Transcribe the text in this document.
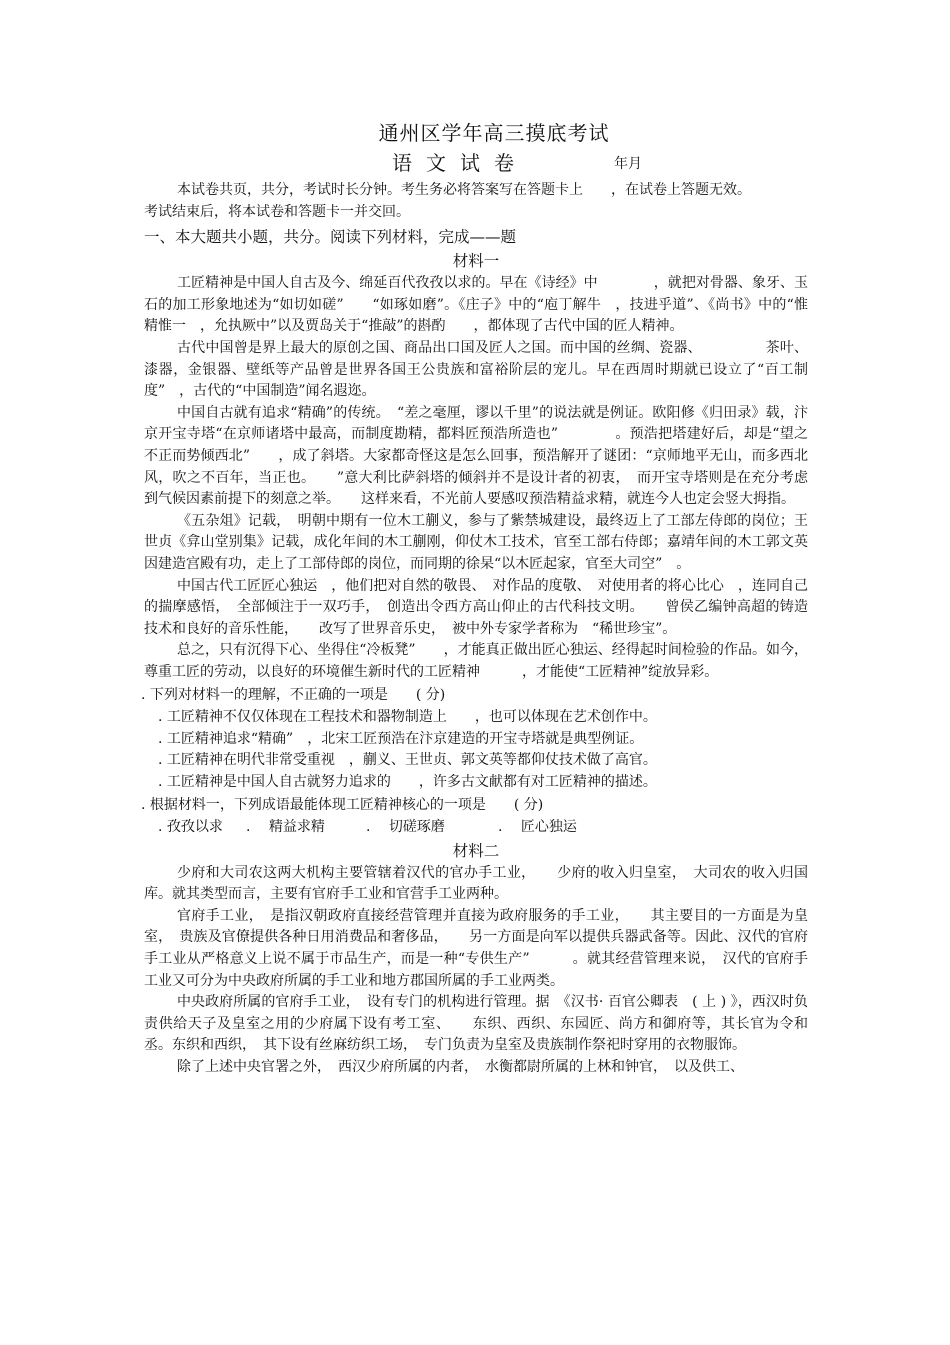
通州区学年高三摸底考试
语文试卷	年月

本试卷共页，共分，考试时长分钟。考生务必将答案写在答题卡上　　，在试卷上答题无效。

考试结束后，将本试卷和答题卡一并交回。

一、本大题共小题，共分。阅读下列材料，完成——题

材料一

工匠精神是中国人自古及今、绵延百代孜孜以求的。早在《诗经》中　　　　，就把对骨器、象牙、玉石的加工形象地述为“如切如磋”　　“如琢如磨”。《庄子》中的“庖丁解牛　，技进乎道”、《尚书》中的“惟精惟一　，允执厥中”以及贾岛关于“推敲”的斟酌　　，都体现了古代中国的匠人精神。

古代中国曾是界上最大的原创之国、商品出口国及匠人之国。而中国的丝绸、瓷器、　　　　　茶叶、漆器，金银器、壁纸等产品曾是世界各国王公贵族和富裕阶层的宠儿。早在西周时期就已设立了“百工制度”　，古代的“中国制造”闻名遐迩。

中国自古就有追求“精确”的传统。　“差之毫厘，谬以千里”的说法就是例证。欧阳修《归田录》载，汴京开宝寺塔“在京师诸塔中最高，而制度勘精，都料匠预浩所造也”　　　　。预浩把塔建好后，却是“望之不正而势倾西北”　　，成了斜塔。大家都奇怪这是怎么回事，预浩解开了谜团：“京师地平无山，而多西北风，吹之不百年，当正也。　　”意大利比萨斜塔的倾斜并不是设计者的初衷，　而开宝寺塔则是在充分考虑到气候因素前提下的刻意之举。　　这样来看，不光前人要感叹预浩精益求精，就连今人也定会竖大拇指。

《五杂俎》记载，　明朝中期有一位木工蒯义，参与了紫禁城建设，最终迈上了工部左侍郎的岗位；王世贞《弇山堂别集》记载，成化年间的木工蒯刚，仰仗木工技术，官至工部右侍郎；嘉靖年间的木工郭文英因建造宫殿有功，走上了工部侍郎的岗位，而同期的徐杲“以木匠起家，官至大司空”　。

中国古代工匠匠心独运　，他们把对自然的敬畏、　对作品的度敬、　对使用者的将心比心　，连同自己的揣摩感悟，　全部倾注于一双巧手，　创造出令西方高山仰止的古代科技文明。　　曾侯乙编钟高超的铸造技术和良好的音乐性能，　　改写了世界音乐史，　被中外专家学者称为　“稀世珍宝”。

总之，只有沉得下心、坐得住“冷板凳”　　，才能真正做出匠心独运、经得起时间检验的作品。如今，尊重工匠的劳动，以良好的环境催生新时代的工匠精神　　　，才能使“工匠精神”绽放异彩。

. 下列对材料一的理解，不正确的一项是　　( 分)

. 工匠精神不仅仅体现在工程技术和器物制造上　　，也可以体现在艺术创作中。

. 工匠精神追求“精确”　，北宋工匠预浩在汴京建造的开宝寺塔就是典型例证。

. 工匠精神在明代非常受重视　，蒯义、王世贞、郭文英等都仰仗技术做了高官。

. 工匠精神是中国人自古就努力追求的　　，许多古文献都有对工匠精神的描述。

. 根据材料一，下列成语最能体现工匠精神核心的一项是　　( 分)

. 孜孜以求	. 　精益求精	. 　切磋琢磨	. 　匠心独运

材料二

少府和大司农这两大机构主要管辖着汉代的官办手工业，　　少府的收入归皇室，　大司农的收入归国库。就其类型而言，主要有官府手工业和官营手工业两种。

官府手工业，　是指汉朝政府直接经营管理并直接为政府服务的手工业，　　其主要目的一方面是为皇室，　贵族及官僚提供各种日用消费品和奢侈品，　　另一方面是向军以提供兵器武备等。因此、汉代的官府手工业从严格意义上说不属于市品生产，而是一种“专供生产”　　　。就其经营管理来说，　汉代的官府手工业又可分为中央政府所属的手工业和地方郡国所属的手工业两类。

中央政府所属的官府手工业，　设有专门的机构进行管理。据　《汉书· 百官公卿表　( 上 ) 》，西汉时负责供给天子及皇室之用的少府属下设有考工室、　　东织、西织、东园匠、尚方和御府等，其长官为令和丞。东织和西织，　其下设有丝麻纺织工场，　专门负责为皇室及贵族制作祭祀时穿用的衣物服饰。

除了上述中央官署之外，　西汉少府所属的内者，　水衡都尉所属的上林和钟官，　以及供工、
